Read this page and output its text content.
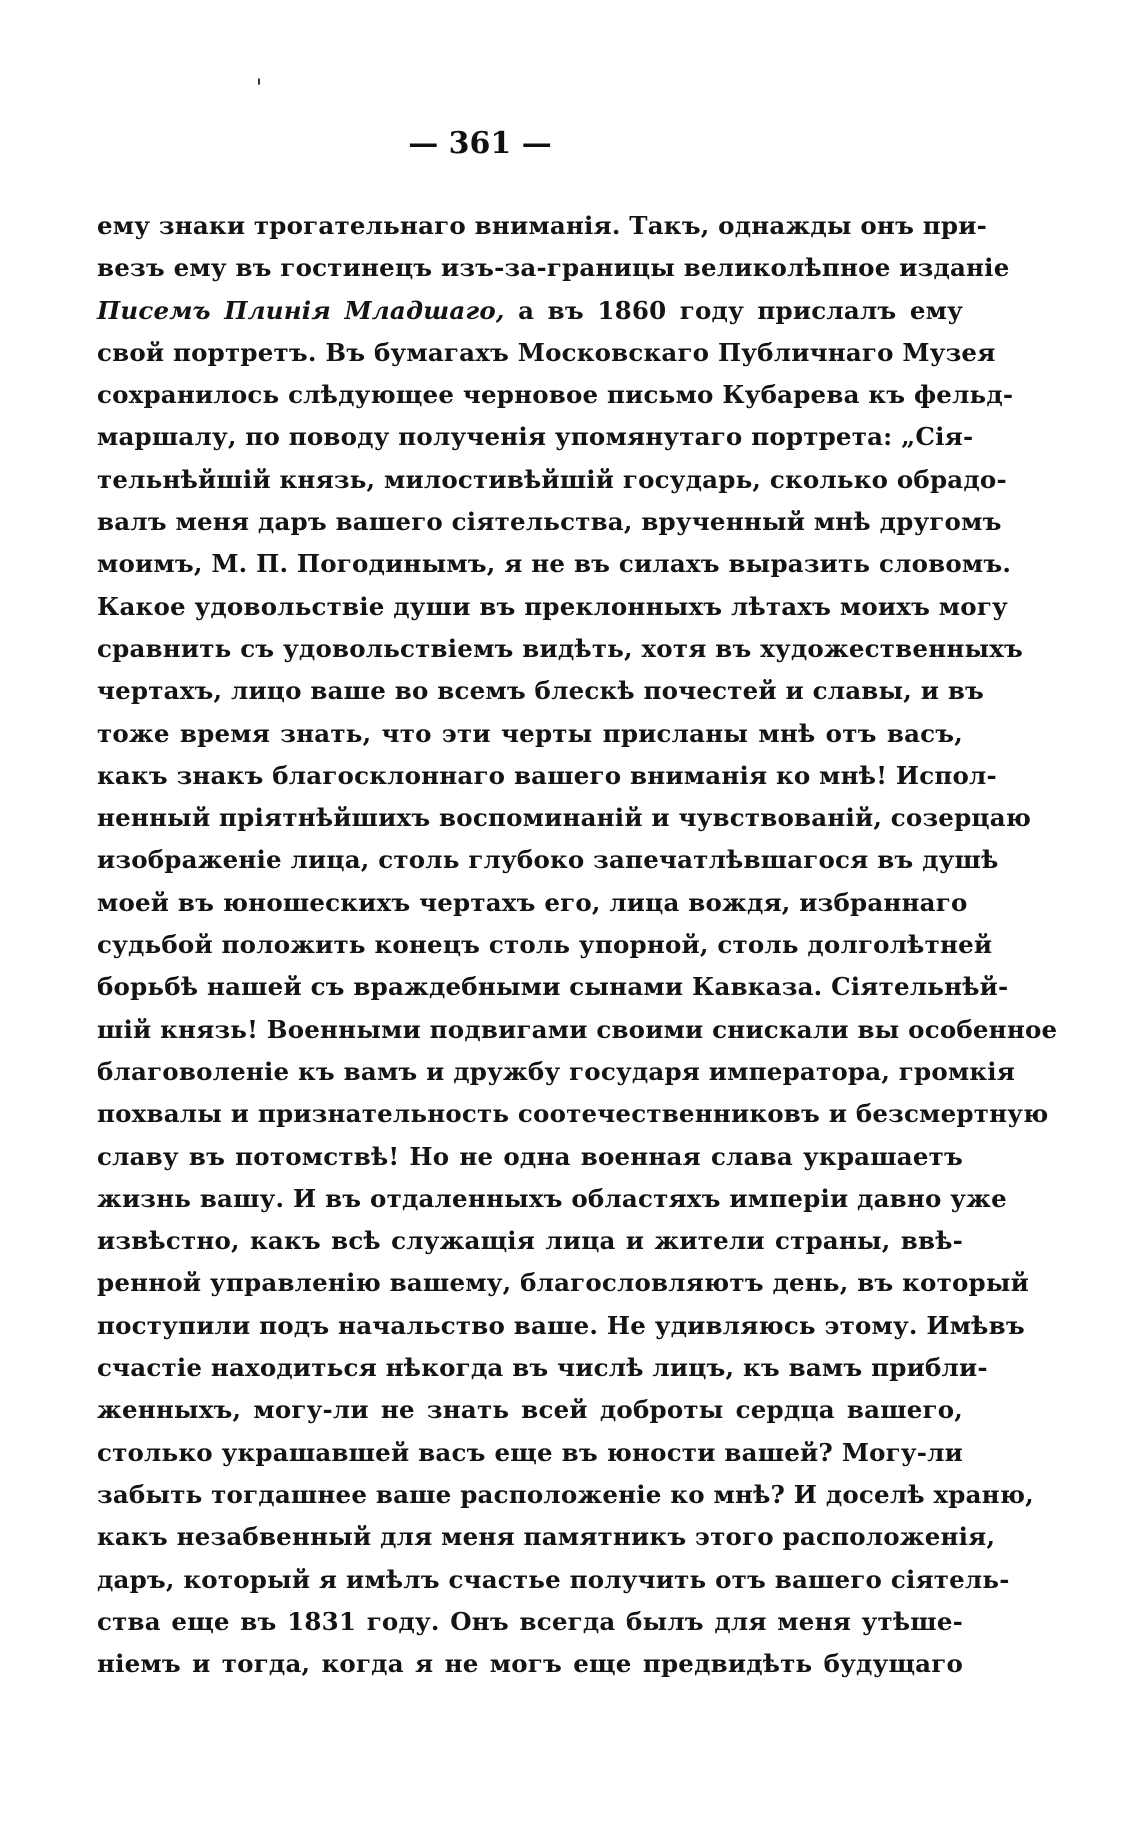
'
— 361 —
ему знаки трогательнаго вниманія. Такъ, однажды онъ при-
везъ ему въ гостинецъ изъ-за-границы великолѣпное изданіе
Писемъ Плинія Младшаго, а въ 1860 году прислалъ ему
свой портретъ. Въ бумагахъ Московскаго Публичнаго Музея
сохранилось слѣдующее черновое письмо Кубарева къ фельд-
маршалу, по поводу полученія упомянутаго портрета: „Сія-
тельнѣйшій князь, милостивѣйшій государь, сколько обрадо-
валъ меня даръ вашего сіятельства, врученный мнѣ другомъ
моимъ, М. П. Погодинымъ, я не въ силахъ выразить словомъ.
Какое удовольствіе души въ преклонныхъ лѣтахъ моихъ могу
сравнить съ удовольствіемъ видѣть, хотя въ художественныхъ
чертахъ, лицо ваше во всемъ блескѣ почестей и славы, и въ
тоже время знать, что эти черты присланы мнѣ отъ васъ,
какъ знакъ благосклоннаго вашего вниманія ко мнѣ! Испол-
ненный пріятнѣйшихъ воспоминаній и чувствованій, созерцаю
изображеніе лица, столь глубоко запечатлѣвшагося въ душѣ
моей въ юношескихъ чертахъ его, лица вождя, избраннаго
судьбой положить конецъ столь упорной, столь долголѣтней
борьбѣ нашей съ враждебными сынами Кавказа. Сіятельнѣй-
шій князь! Военными подвигами своими снискали вы особенное
благоволеніе къ вамъ и дружбу государя императора, громкія
похвалы и признательность соотечественниковъ и безсмертную
славу въ потомствѣ! Но не одна военная слава украшаетъ
жизнь вашу. И въ отдаленныхъ областяхъ имперіи давно уже
извѣстно, какъ всѣ служащія лица и жители страны, ввѣ-
ренной управленію вашему, благословляютъ день, въ который
поступили подъ начальство ваше. Не удивляюсь этому. Имѣвъ
счастіе находиться нѣкогда въ числѣ лицъ, къ вамъ прибли-
женныхъ, могу-ли не знать всей доброты сердца вашего,
столько украшавшей васъ еще въ юности вашей? Могу-ли
забыть тогдашнее ваше расположеніе ко мнѣ? И доселѣ храню,
какъ незабвенный для меня памятникъ этого расположенія,
даръ, который я имѣлъ счастье получить отъ вашего сіятель-
ства еще въ 1831 году. Онъ всегда былъ для меня утѣше-
ніемъ и тогда, когда я не могъ еще предвидѣть будущаго
